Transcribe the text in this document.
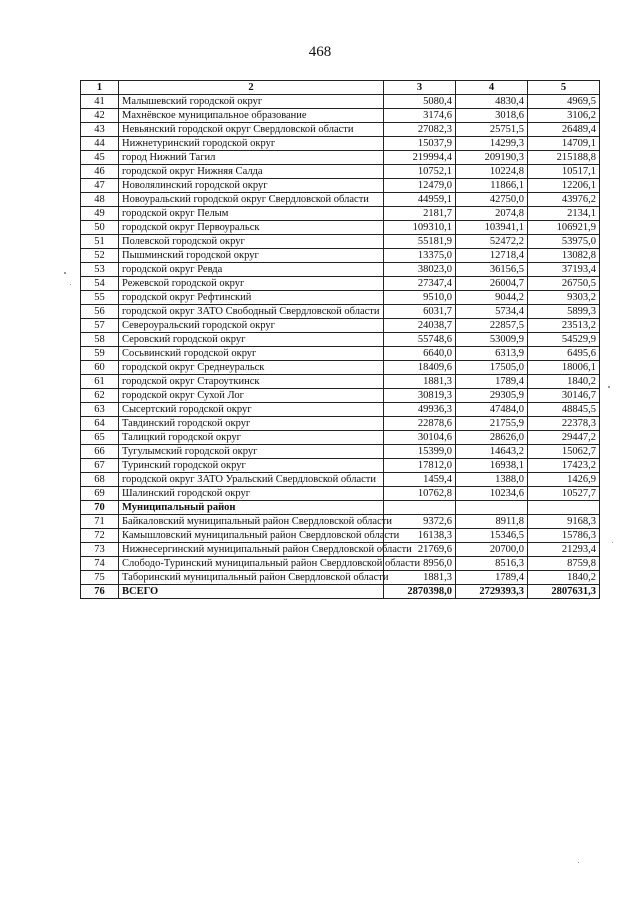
468
1	2	3	4	5
41	Малышевский городской округ	5080,4	4830,4	4969,5
42	Махнёвское муниципальное образование	3174,6	3018,6	3106,2
43	Невьянский городской округ Свердловской области	27082,3	25751,5	26489,4
44	Нижнетуринский городской округ	15037,9	14299,3	14709,1
45	город Нижний Тагил	219994,4	209190,3	215188,8
46	городской округ Нижняя Салда	10752,1	10224,8	10517,1
47	Новолялинский городской округ	12479,0	11866,1	12206,1
48	Новоуральский городской округ Свердловской области	44959,1	42750,0	43976,2
49	городской округ Пелым	2181,7	2074,8	2134,1
50	городской округ Первоуральск	109310,1	103941,1	106921,9
51	Полевской городской округ	55181,9	52472,2	53975,0
52	Пышминский городской округ	13375,0	12718,4	13082,8
53	городской округ Ревда	38023,0	36156,5	37193,4
54	Режевской городской округ	27347,4	26004,7	26750,5
55	городской округ Рефтинский	9510,0	9044,2	9303,2
56	городской округ ЗАТО Свободный Свердловской области	6031,7	5734,4	5899,3
57	Североуральский городской округ	24038,7	22857,5	23513,2
58	Серовский городской округ	55748,6	53009,9	54529,9
59	Сосьвинский городской округ	6640,0	6313,9	6495,6
60	городской округ Среднеуральск	18409,6	17505,0	18006,1
61	городской округ Староуткинск	1881,3	1789,4	1840,2
62	городской округ Сухой Лог	30819,3	29305,9	30146,7
63	Сысертский городской округ	49936,3	47484,0	48845,5
64	Тавдинский городской округ	22878,6	21755,9	22378,3
65	Талицкий городской округ	30104,6	28626,0	29447,2
66	Тугулымский городской округ	15399,0	14643,2	15062,7
67	Туринский городской округ	17812,0	16938,1	17423,2
68	городской округ ЗАТО Уральский Свердловской области	1459,4	1388,0	1426,9
69	Шалинский городской округ	10762,8	10234,6	10527,7
70	Муниципальный район			
71	Байкаловский муниципальный район Свердловской области	9372,6	8911,8	9168,3
72	Камышловский муниципальный район Свердловской области	16138,3	15346,5	15786,3
73	Нижнесергинский муниципальный район Свердловской области	21769,6	20700,0	21293,4
74	Слободо-Туринский муниципальный район Свердловской области	8956,0	8516,3	8759,8
75	Таборинский муниципальный район Свердловской области	1881,3	1789,4	1840,2
76	ВСЕГО	2870398,0	2729393,3	2807631,3
